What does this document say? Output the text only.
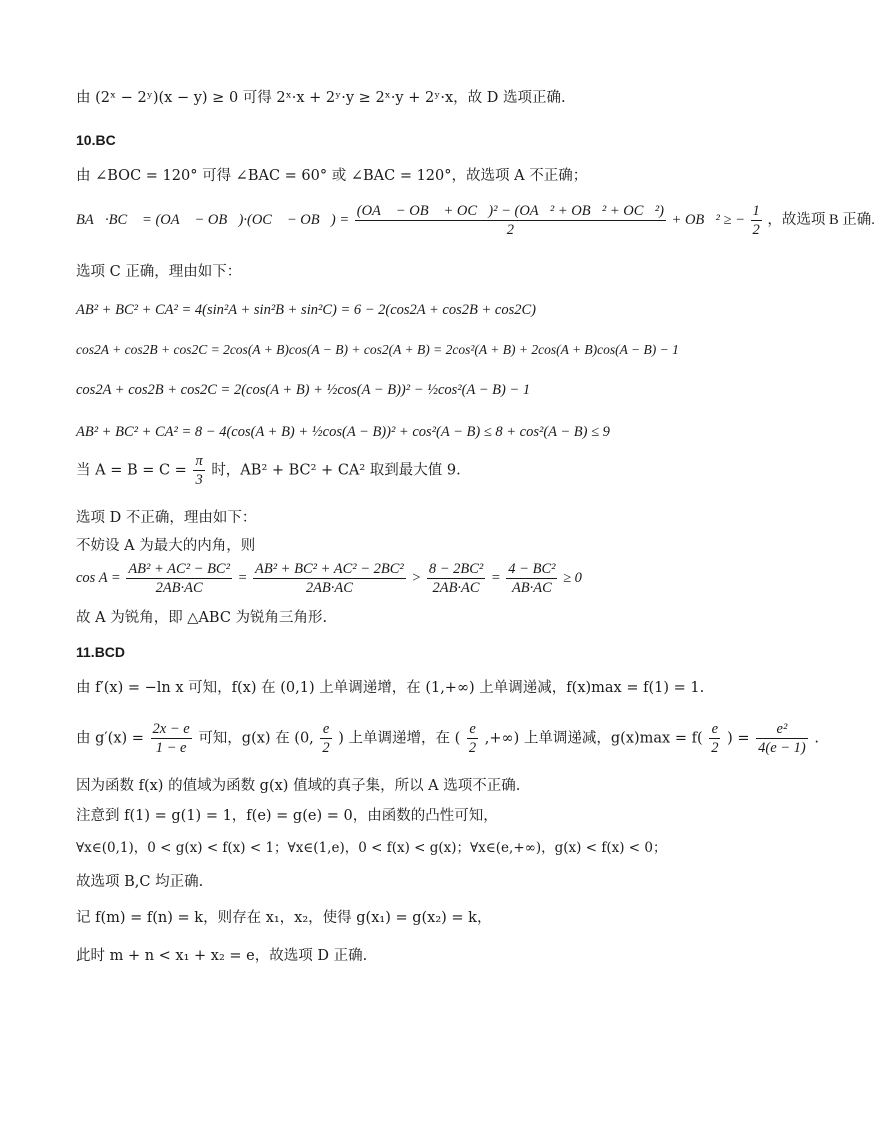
由 (2ˣ − 2ʸ)(x − y) ≥ 0 可得 2ˣ·x + 2ʸ·y ≥ 2ˣ·y + 2ʸ·x，故 D 选项正确.
10.BC
由 ∠BOC = 120° 可得 ∠BAC = 60° 或 ∠BAC = 120°，故选项 A 不正确；
BA⃗·BC⃗ = (OA⃗ − OB⃗)·(OC⃗ − OB⃗) = $\frac{\text{(OA⃗ − OB⃗ + OC⃗)² − (OA⃗² + OB⃗² + OC⃗²)}}{2}$ + OB⃗² ≥ − $\frac{1}{2}$ ，故选项 B 正确.
选项 C 正确，理由如下：
AB² + BC² + CA² = 4(sin²A + sin²B + sin²C) = 6 − 2(cos2A + cos2B + cos2C)
cos2A + cos2B + cos2C = 2cos(A + B)cos(A − B) + cos2(A + B) = 2cos²(A + B) + 2cos(A + B)cos(A − B) − 1
cos2A + cos2B + cos2C = 2(cos(A + B) + ½cos(A − B))² − ½cos²(A − B) − 1
AB² + BC² + CA² = 8 − 4(cos(A + B) + ½cos(A − B))² + cos²(A − B) ≤ 8 + cos²(A − B) ≤ 9
当 $A = B = C = \frac{\pi}{3}$ 时，AB² + BC² + CA² 取到最大值 9.
选项 D 不正确，理由如下：
不妨设 A 为最大的内角，则
$\cos A = \frac{\text{AB² + AC² − BC²}}{2AB\cdot AC} = \frac{\text{AB² + BC² + AC² − 2BC²}}{2AB\cdot AC} > \frac{\text{8 − 2BC²}}{2AB\cdot AC} = \frac{\text{4 − BC²}}{AB\cdot AC} \ge 0$
故 A 为锐角，即 △ABC 为锐角三角形.
11.BCD
由 f′(x) = −ln x 可知，f(x) 在 (0,1) 上单调递增，在 (1,+∞) 上单调递减，f(x)max = f(1) = 1.
由 $g'(x) = \frac{2x - e}{1 - e}$ 可知，g(x) 在 (0, $\frac{e}{2}$ ) 上单调递增，在 ( $\frac{e}{2}$ ,+∞) 上单调递减，$g(x)\max = f( \frac{e}{2}$ ) = $\frac{\text{e²}}{4(e - 1)}$ .
因为函数 f(x) 的值域为函数 g(x) 值域的真子集，所以 A 选项不正确.
注意到 f(1) = g(1) = 1，f(e) = g(e) = 0，由函数的凸性可知，
∀x∈(0,1)，0 < g(x) < f(x) < 1；∀x∈(1,e)，0 < f(x) < g(x)；∀x∈(e,+∞)，g(x) < f(x) < 0；
故选项 B,C 均正确.
记 f(m) = f(n) = k，则存在 x₁，x₂，使得 g(x₁) = g(x₂) = k，
此时 m + n < x₁ + x₂ = e，故选项 D 正确.
